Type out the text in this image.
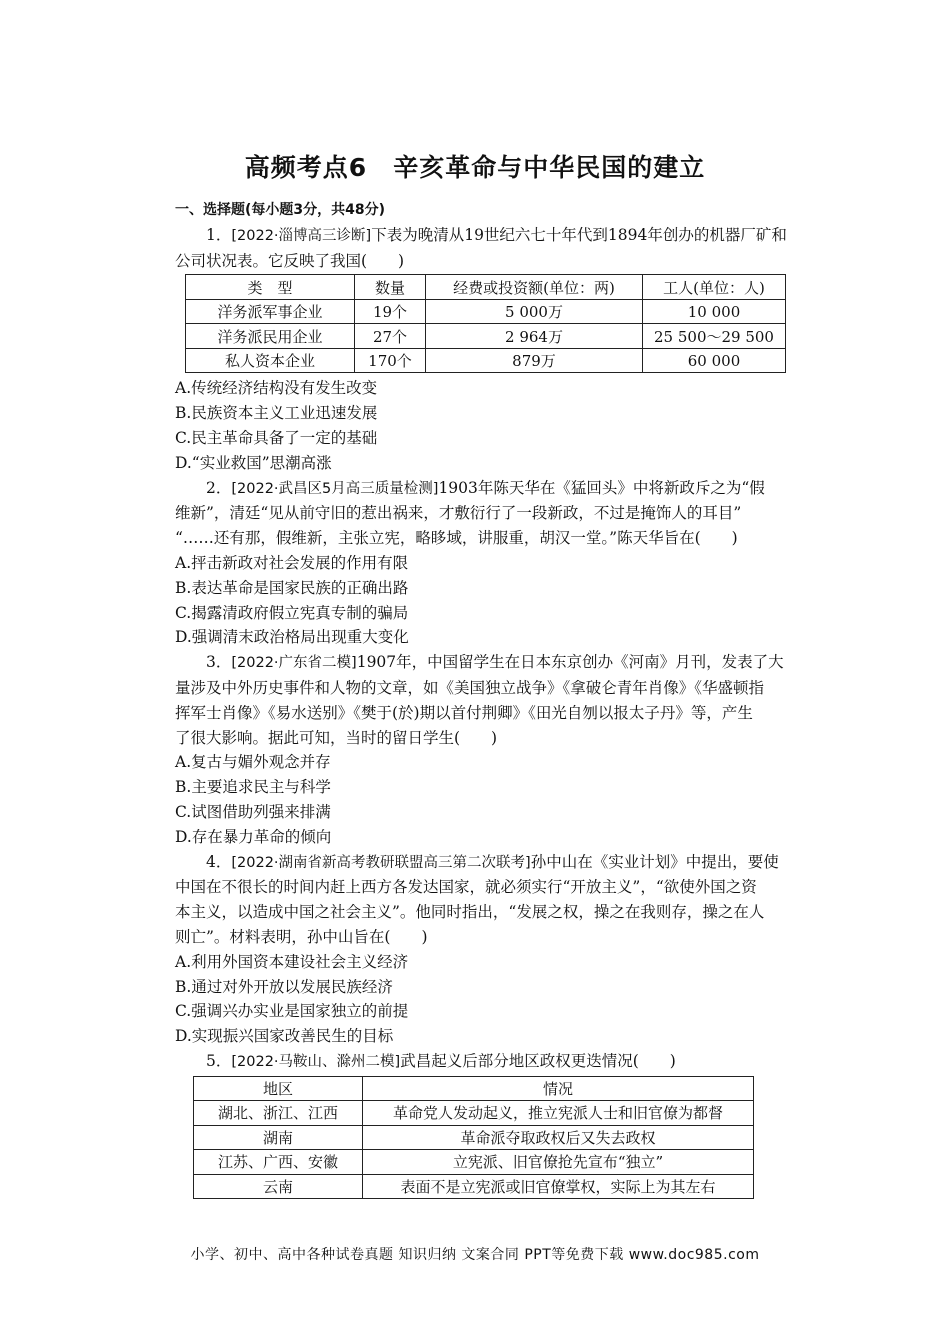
高频考点6　辛亥革命与中华民国的建立
一、选择题(每小题3分，共48分)
1．[2022·淄博高三诊断]下表为晚清从19世纪六七十年代到1894年创办的机器厂矿和
公司状况表。它反映了我国(　　)
类　型	数量	经费或投资额(单位：两)	工人(单位：人)
洋务派军事企业	19个	5 000万	10 000
洋务派民用企业	27个	2 964万	25 500～29 500
私人资本企业	170个	879万	60 000
A.传统经济结构没有发生改变
B.民族资本主义工业迅速发展
C.民主革命具备了一定的基础
D.“实业救国”思潮高涨
2．[2022·武昌区5月高三质量检测]1903年陈天华在《猛回头》中将新政斥之为“假
维新”，清廷“见从前守旧的惹出祸来，才敷衍行了一段新政，不过是掩饰人的耳目”
“……还有那，假维新，主张立宪，略眵域，讲服重，胡汉一堂。”陈天华旨在(　　)
A.抨击新政对社会发展的作用有限
B.表达革命是国家民族的正确出路
C.揭露清政府假立宪真专制的骗局
D.强调清末政治格局出现重大变化
3．[2022·广东省二模]1907年，中国留学生在日本东京创办《河南》月刊，发表了大
量涉及中外历史事件和人物的文章，如《美国独立战争》《拿破仑青年肖像》《华盛顿指
挥军士肖像》《易水送别》《樊于(於)期以首付荆卿》《田光自刎以报太子丹》等，产生
了很大影响。据此可知，当时的留日学生(　　)
A.复古与媚外观念并存
B.主要追求民主与科学
C.试图借助列强来排满
D.存在暴力革命的倾向
4．[2022·湖南省新高考教研联盟高三第二次联考]孙中山在《实业计划》中提出，要使
中国在不很长的时间内赶上西方各发达国家，就必须实行“开放主义”，“欲使外国之资
本主义，以造成中国之社会主义”。他同时指出，“发展之权，操之在我则存，操之在人
则亡”。材料表明，孙中山旨在(　　)
A.利用外国资本建设社会主义经济
B.通过对外开放以发展民族经济
C.强调兴办实业是国家独立的前提
D.实现振兴国家改善民生的目标
5．[2022·马鞍山、滁州二模]武昌起义后部分地区政权更迭情况(　　)
地区	情况
湖北、浙江、江西	革命党人发动起义，推立宪派人士和旧官僚为都督
湖南	革命派夺取政权后又失去政权
江苏、广西、安徽	立宪派、旧官僚抢先宣布“独立”
云南	表面不是立宪派或旧官僚掌权，实际上为其左右
小学、初中、高中各种试卷真题 知识归纳 文案合同 PPT等免费下载 www.doc985.com
